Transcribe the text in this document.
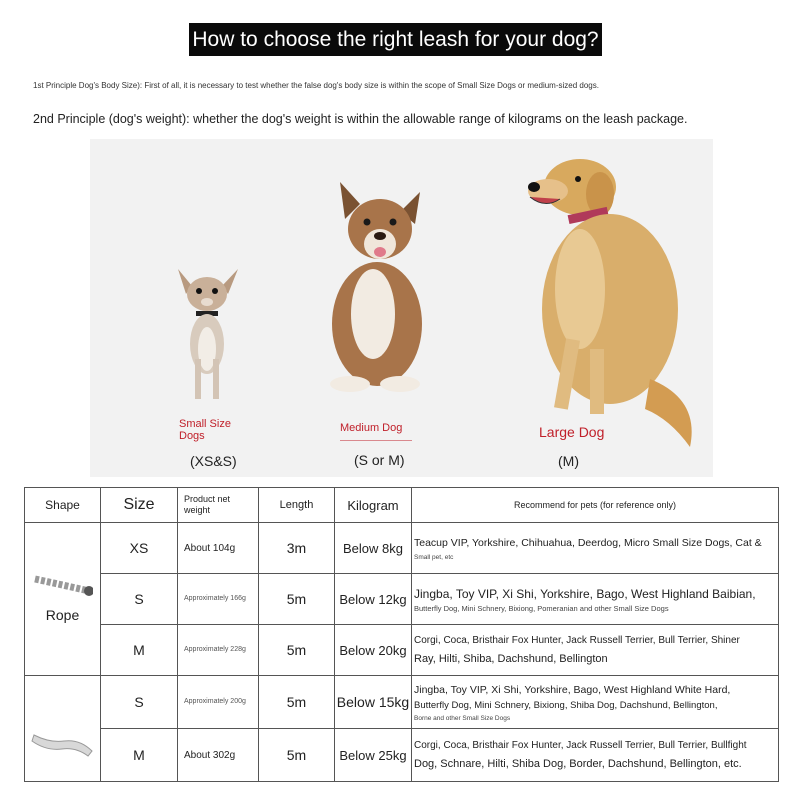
How to choose the right leash for your dog?
1st Principle Dog's Body Size): First of all, it is necessary to test whether the false dog's body size is within the scope of Small Size Dogs or medium-sized dogs.
2nd Principle (dog's weight): whether the dog's weight is within the allowable range of kilograms on the leash package.
Small Size
Dogs
Medium Dog	Large Dog
(XS&S)	(S or M)	(M)
Shape	Size	Product net weight	Length	Kilogram	Recommend for pets (for reference only)

Rope	XS	About 104g	3m	Below 8kg	Teacup VIP, Yorkshire, Chihuahua, Deerdog, Micro Small Size Dogs, Cat &
Small pet, etc

	S	Approximately 166g	5m	Below 12kg	Jingba, Toy VIP, Xi Shi, Yorkshire, Bago, West Highland Baibian,
Butterfly Dog, Mini Schnery, Bixiong, Pomeranian and other Small Size Dogs

	M	Approximately 228g	5m	Below 20kg	Corgi, Coca, Bristhair Fox Hunter, Jack Russell Terrier, Bull Terrier, Shiner
Ray, Hilti, Shiba, Dachshund, Bellington

	S	Approximately 200g	5m	Below 15kg	Jingba, Toy VIP, Xi Shi, Yorkshire, Bago, West Highland White Hard,
Butterfly Dog, Mini Schnery, Bixiong, Shiba Dog, Dachshund, Bellington,
Borne and other Small Size Dogs

	M	About 302g	5m	Below 25kg	Corgi, Coca, Bristhair Fox Hunter, Jack Russell Terrier, Bull Terrier, Bullfight
Dog, Schnare, Hilti, Shiba Dog, Border, Dachshund, Bellington, etc.
